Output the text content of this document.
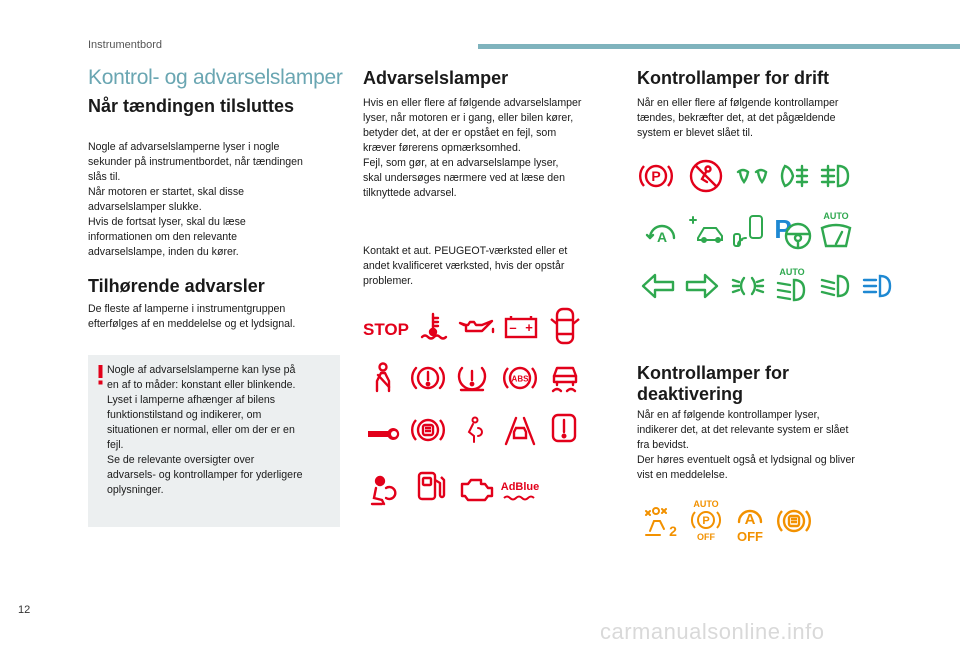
Instrumentbord
Kontrol- og advarselslamper
Når tændingen tilsluttes

Nogle af advarselslamperne lyser i nogle
sekunder på instrumentbordet, når tændingen
slås til.
Når motoren er startet, skal disse
advarselslamper slukke.
Hvis de fortsat lyser, skal du læse
informationen om den relevante
advarselslampe, inden du kører.

Tilhørende advarsler

De fleste af lamperne i instrumentgruppen
efterfølges af en meddelelse og et lydsignal.

Nogle af advarselslamperne kan lyse på
en af to måder: konstant eller blinkende.
Lyset i lamperne afhænger af bilens
funktionstilstand og indikerer, om
situationen er normal, eller om der er en
fejl.
Se de relevante oversigter over
advarsels- og kontrollamper for yderligere
oplysninger.

Advarselslamper

Hvis en eller flere af følgende advarselslamper
lyser, når motoren er i gang, eller bilen kører,
betyder det, at der er opstået en fejl, som
kræver førerens opmærksomhed.
Fejl, som gør, at en advarselslampe lyser,
skal undersøges nærmere ved at læse den
tilknyttede advarsel.

Kontakt et aut. PEUGEOT-værksted eller et
andet kvalificeret værksted, hvis der opstår
problemer.

STOP	– +
ABS
AdBlue
Kontrollamper for drift

Når en eller flere af følgende kontrollamper
tændes, bekræfter det, at det pågældende
system er blevet slået til.

P
A	P	AUTO
AUTO
Kontrollamper for
deaktivering

Når en af følgende kontrollamper lyser,
indikerer det, at det relevante system er slået
fra bevidst.
Der høres eventuelt også et lydsignal og bliver
vist en meddelelse.

2
AUTO
P
OFF
A
OFF
12
carmanualsonline.info
